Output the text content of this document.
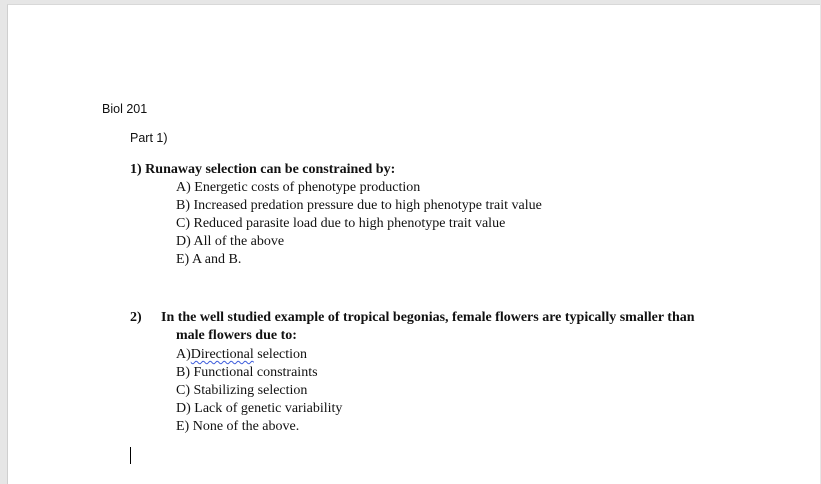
Biol 201
Part 1)
1) Runaway selection can be constrained by:
A) Energetic costs of phenotype production
B) Increased predation pressure due to high phenotype trait value
C) Reduced parasite load due to high phenotype trait value
D) All of the above
E) A and B.
2) In the well studied example of tropical begonias, female flowers are typically smaller than
male flowers due to:
A)Directional selection
B) Functional constraints
C) Stabilizing selection
D) Lack of genetic variability
E) None of the above.
